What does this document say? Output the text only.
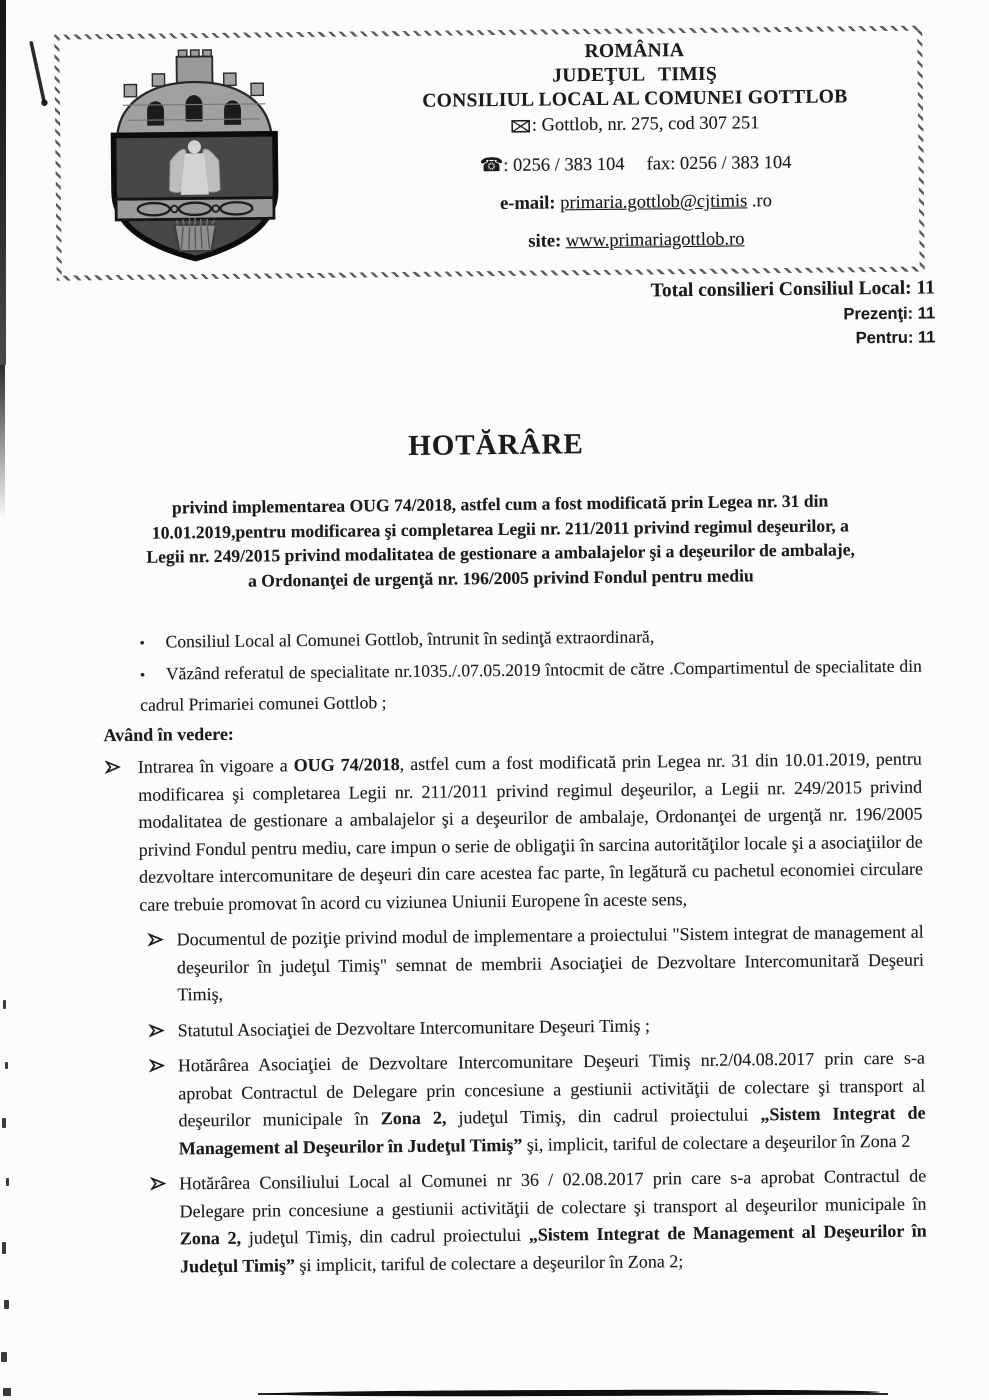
ROMÂNIA
JUDEŢUL TIMIŞ
CONSILIUL LOCAL AL COMUNEI GOTTLOB
: Gottlob, nr. 275, cod 307 251
☎: 0256 / 383 104 fax: 0256 / 383 104
e-mail: primaria.gottlob@cjtimis .ro
site: www.primariagottlob.ro
Total consilieri Consiliul Local: 11
Prezenţi: 11
Pentru: 11
HOTĂRÂRE
privind implementarea OUG 74/2018, astfel cum a fost modificată prin Legea nr. 31 din
10.01.2019,pentru modificarea şi completarea Legii nr. 211/2011 privind regimul deşeurilor, a
Legii nr. 249/2015 privind modalitatea de gestionare a ambalajelor şi a deşeurilor de ambalaje,
a Ordonanţei de urgenţă nr. 196/2005 privind Fondul pentru mediu
• Consiliul Local al Comunei Gottlob, întrunit în sedinţă extraordinară,
• Văzând referatul de specialitate nr.1035./.07.05.2019 întocmit de către .Compartimentul de specialitate din cadrul Primariei comunei Gottlob ;
Având în vedere:

Intrarea în vigoare a OUG 74/2018, astfel cum a fost modificată prin Legea nr. 31 din 10.01.2019, pentru modificarea şi completarea Legii nr. 211/2011 privind regimul deşeurilor, a Legii nr. 249/2015 privind modalitatea de gestionare a ambalajelor şi a deşeurilor de ambalaje, Ordonanţei de urgenţă nr. 196/2005 privind Fondul pentru mediu, care impun o serie de obligaţii în sarcina autorităţilor locale şi a asociaţiilor de dezvoltare intercomunitare de deşeuri din care acestea fac parte, în legătură cu pachetul economiei circulare care trebuie promovat în acord cu viziunea Uniunii Europene în aceste sens,

Documentul de poziţie privind modul de implementare a proiectului "Sistem integrat de management al deşeurilor în judeţul Timiş" semnat de membrii Asociaţiei de Dezvoltare Intercomunitară Deşeuri Timiş,

Statutul Asociaţiei de Dezvoltare Intercomunitare Deşeuri Timiş ;

Hotărârea Asociaţiei de Dezvoltare Intercomunitare Deşeuri Timiş nr.2/04.08.2017 prin care s-a aprobat Contractul de Delegare prin concesiune a gestiunii activităţii de colectare şi transport al deşeurilor municipale în Zona 2, judeţul Timiş, din cadrul proiectului „Sistem Integrat de Management al Deşeurilor în Judeţul Timiş” şi, implicit, tariful de colectare a deşeurilor în Zona 2

Hotărârea Consiliului Local al Comunei nr 36 / 02.08.2017 prin care s-a aprobat Contractul de Delegare prin concesiune a gestiunii activităţii de colectare şi transport al deşeurilor municipale în Zona 2, judeţul Timiş, din cadrul proiectului „Sistem Integrat de Management al Deşeurilor în Judeţul Timiş” şi implicit, tariful de colectare a deşeurilor în Zona 2;
